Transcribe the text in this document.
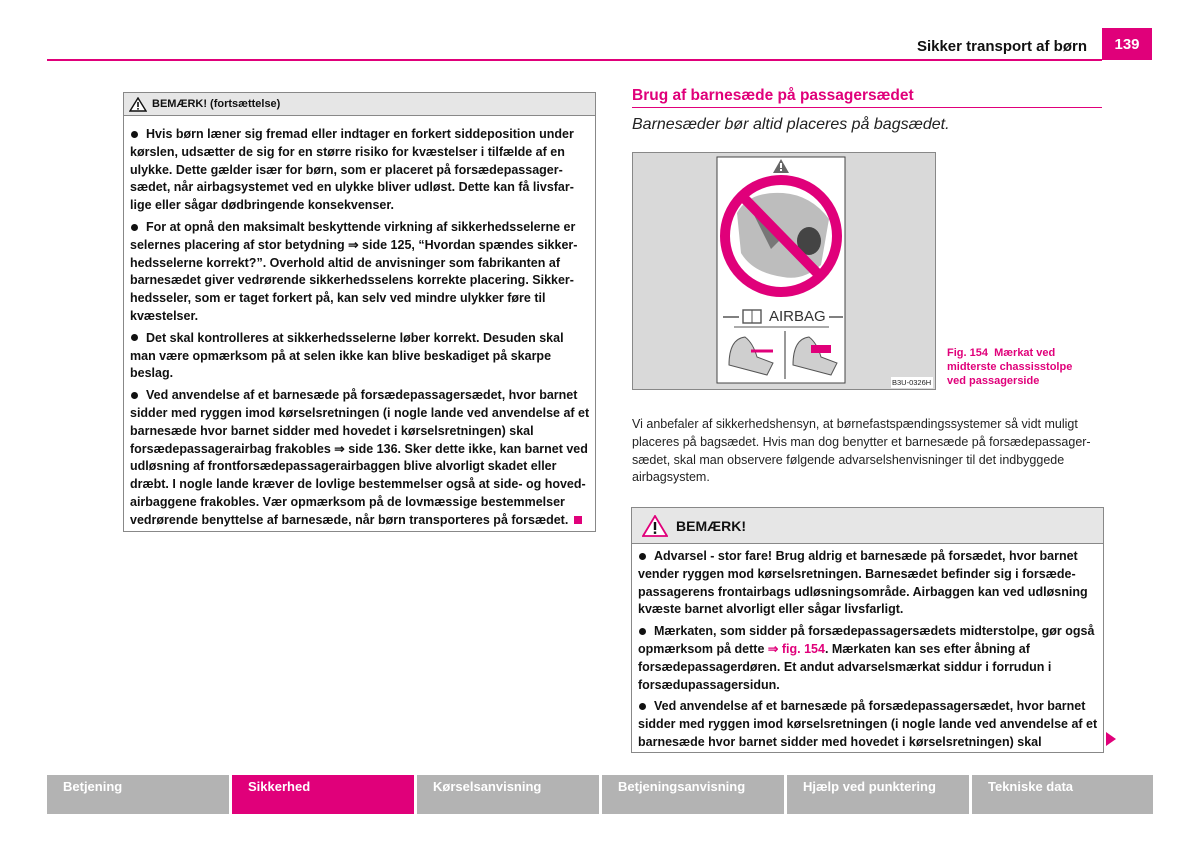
Sikker transport af børn	139
BEMÆRK! (fortsættelse)

Hvis børn læner sig fremad eller indtager en forkert siddeposition under kørslen, udsætter de sig for en større risiko for kvæstelser i tilfælde af en ulykke. Dette gælder især for børn, som er placeret på forsædepassager-sædet, når airbagsystemet ved en ulykke bliver udløst. Dette kan få livsfar-lige eller sågar dødbringende konsekvenser.

For at opnå den maksimalt beskyttende virkning af sikkerhedsselerne er selernes placering af stor betydning ⇒ side 125, “Hvordan spændes sikker-hedsselerne korrekt?”. Overhold altid de anvisninger som fabrikanten af barnesædet giver vedrørende sikkerhedsselens korrekte placering. Sikker-hedsseler, som er taget forkert på, kan selv ved mindre ulykker føre til kvæstelser.

Det skal kontrolleres at sikkerhedsselerne løber korrekt. Desuden skal man være opmærksom på at selen ikke kan blive beskadiget på skarpe beslag.

Ved anvendelse af et barnesæde på forsædepassagersædet, hvor barnet sidder med ryggen imod kørselsretningen (i nogle lande ved anvendelse af et barnesæde hvor barnet sidder med hovedet i kørselsretningen) skal forsædepassagerairbag frakobles ⇒ side 136. Sker dette ikke, kan barnet ved udløsning af frontforsædepassagerairbaggen blive alvorligt skadet eller dræbt. I nogle lande kræver de lovlige bestemmelser også at side- og hoved-airbaggene frakobles. Vær opmærksom på de lovmæssige bestemmelser vedrørende benyttelse af barnesæde, når børn transporteres på forsædet.

Brug af barnesæde på passagersædet
Barnesæder bør altid placeres på bagsædet.
AIRBAG
B3U-0326H
Fig. 154 Mærkat ved midterste chassisstolpe ved passagerside
Vi anbefaler af sikkerhedshensyn, at børnefastspændingssystemer så vidt muligt placeres på bagsædet. Hvis man dog benytter et barnesæde på forsædepassager-sædet, skal man observere følgende advarselshenvisninger til det indbyggede airbagsystem.
BEMÆRK!

Advarsel - stor fare! Brug aldrig et barnesæde på forsædet, hvor barnet vender ryggen mod kørselsretningen. Barnesædet befinder sig i forsæde-passagerens frontairbags udløsningsområde. Airbaggen kan ved udløsning kvæste barnet alvorligt eller sågar livsfarligt.

Mærkaten, som sidder på forsædepassagersædets midterstolpe, gør også opmærksom på dette ⇒ fig. 154. Mærkaten kan ses efter åbning af forsædepassagerdøren. Et andut advarselsmærkat siddur i forrudun i forsædupassagersidun.

Ved anvendelse af et barnesæde på forsædepassagersædet, hvor barnet sidder med ryggen imod kørselsretningen (i nogle lande ved anvendelse af et barnesæde hvor barnet sidder med hovedet i kørselsretningen) skal

Betjening	Sikkerhed	Kørselsanvisning	Betjeningsanvisning	Hjælp ved punktering	Tekniske data
